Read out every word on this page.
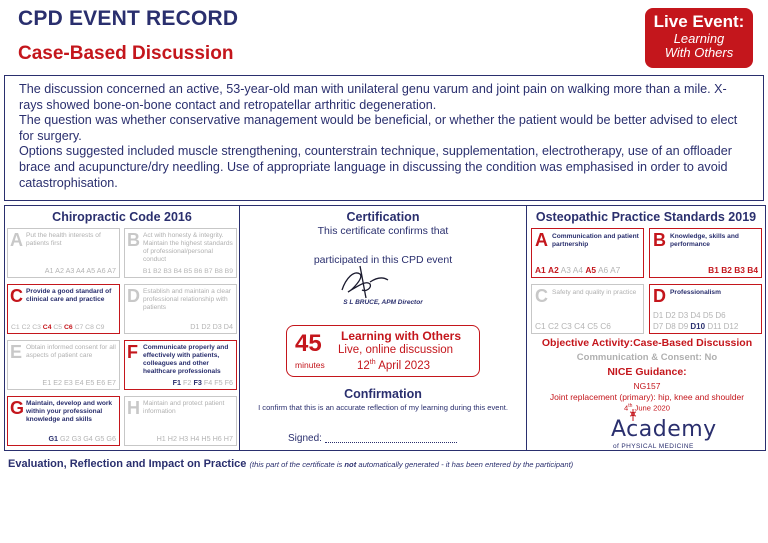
CPD EVENT RECORD
Case-Based Discussion
Live Event:
Learning
With Others

The discussion concerned an active, 53-year-old man with unilateral genu varum and joint pain on walking more than a mile. X-rays showed bone-on-bone contact and retropatellar arthritic degeneration.

The question was whether conservative management would be beneficial, or whether the patient would be better advised to elect for surgery.

Options suggested included muscle strengthening, counterstrain technique, supplementation, electrotherapy, use of an offloader brace and acupuncture/dry needling. Use of appropriate language in discussing the condition was emphasised in order to avoid catastrophisation.

Chiropractic Code 2016
A Put the health interests of patients first
A1 A2 A3 A4 A5 A6 A7
B Act with honesty & integrity. Maintain the highest standards of professional/personal conduct
B1 B2 B3 B4 B5 B6 B7 B8 B9
C Provide a good standard of clinical care and practice
C1 C2 C3 C4 C5 C6 C7 C8 C9
D Establish and maintain a clear professional relationship with patients
D1 D2 D3 D4
E Obtain informed consent for all aspects of patient care
E1 E2 E3 E4 E5 E6 E7
F Communicate properly and effectively with patients, colleagues and other healthcare professionals
F1 F2 F3 F4 F5 F6
G Maintain, develop and work within your professional knowledge and skills
G1 G2 G3 G4 G5 G6
H Maintain and protect patient information
H1 H2 H3 H4 H5 H6 H7
Certification
This certificate confirms that
participated in this CPD event
S L BRUCE, APM Director
45
minutes
Learning with Others
Live, online discussion
12th April 2023
Confirmation
I confirm that this is an accurate reflection of my learning during this event.
Signed:
Osteopathic Practice Standards 2019
A Communication and patient partnership
A1 A2 A3 A4 A5 A6 A7
B Knowledge, skills and performance
B1 B2 B3 B4
C Safety and quality in practice
C1 C2 C3 C4 C5 C6
D Professionalism
D1 D2 D3 D4 D5 D6
D7 D8 D9 D10 D11 D12
Objective Activity:Case-Based Discussion
Communication & Consent: No
NICE Guidance:
NG157
Joint replacement (primary): hip, knee and shoulder
4th June 2020
Academy
of PHYSICAL MEDICINE
Evaluation, Reflection and Impact on Practice (this part of the certificate is not automatically generated - it has been entered by the participant)
